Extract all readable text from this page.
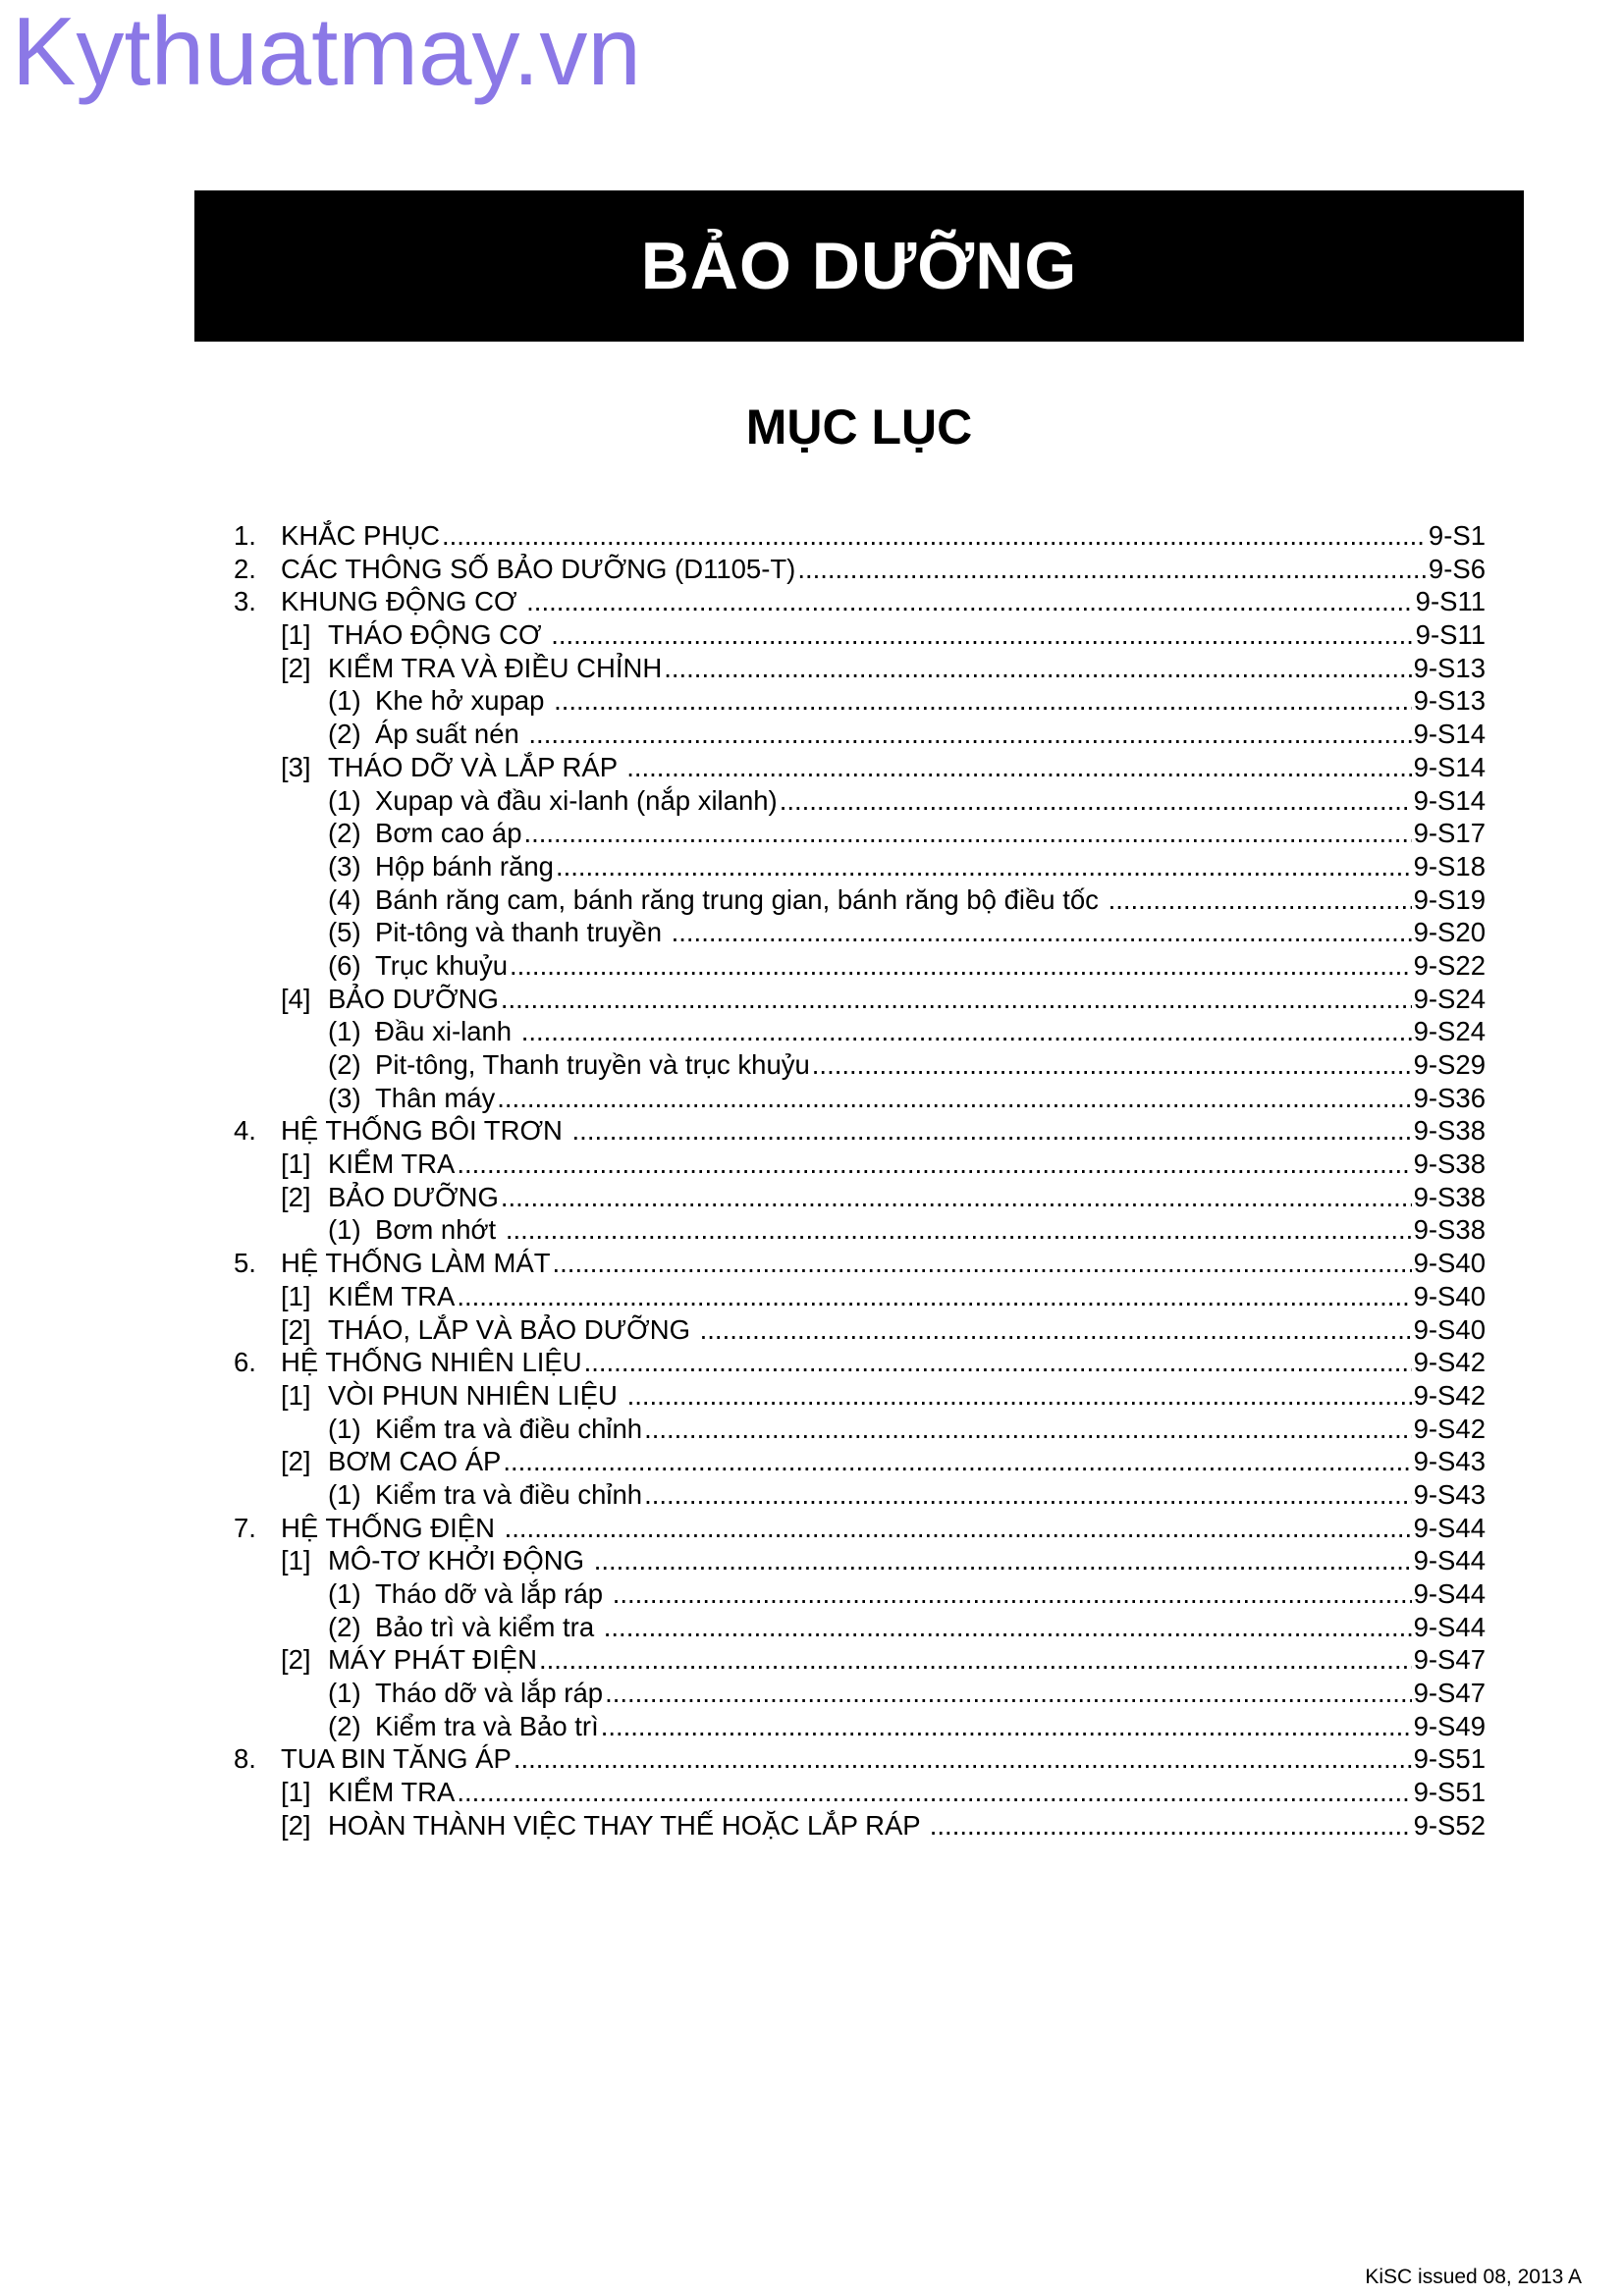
Kythuatmay.vn
BẢO DƯỠNG
MỤC LỤC
1. KHẮC PHỤC .....	9-S1
2. CÁC THÔNG SỐ BẢO DƯỠNG (D1105-T) .....	9-S6
3. KHUNG ĐỘNG CƠ .....	9-S11
[1] THÁO ĐỘNG CƠ .....	9-S11
[2] KIỂM TRA VÀ ĐIỀU CHỈNH .....	9-S13
(1) Khe hở xupap .....	9-S13
(2) Áp suất nén .....	9-S14
[3] THÁO DỠ VÀ LẮP RÁP .....	9-S14
(1) Xupap và đầu xi-lanh (nắp xilanh) .....	9-S14
(2) Bơm cao áp .....	9-S17
(3) Hộp bánh răng .....	9-S18
(4) Bánh răng cam, bánh răng trung gian, bánh răng bộ điều tốc .....	9-S19
(5) Pit-tông và thanh truyền .....	9-S20
(6) Trục khuỷu .....	9-S22
[4] BẢO DƯỠNG .....	9-S24
(1) Đầu xi-lanh .....	9-S24
(2) Pit-tông, Thanh truyền và trục khuỷu .....	9-S29
(3) Thân máy .....	9-S36
4. HỆ THỐNG BÔI TRƠN .....	9-S38
[1] KIỂM TRA .....	9-S38
[2] BẢO DƯỠNG .....	9-S38
(1) Bơm nhớt .....	9-S38
5. HỆ THỐNG LÀM MÁT .....	9-S40
[1] KIỂM TRA .....	9-S40
[2] THÁO, LẮP VÀ BẢO DƯỠNG .....	9-S40
6. HỆ THỐNG NHIÊN LIỆU .....	9-S42
[1] VÒI PHUN NHIÊN LIỆU .....	9-S42
(1) Kiểm tra và điều chỉnh .....	9-S42
[2] BƠM CAO ÁP .....	9-S43
(1) Kiểm tra và điều chỉnh .....	9-S43
7. HỆ THỐNG ĐIỆN .....	9-S44
[1] MÔ-TƠ KHỞI ĐỘNG .....	9-S44
(1) Tháo dỡ và lắp ráp .....	9-S44
(2) Bảo trì và kiểm tra .....	9-S44
[2] MÁY PHÁT ĐIỆN .....	9-S47
(1) Tháo dỡ và lắp ráp .....	9-S47
(2) Kiểm tra và Bảo trì .....	9-S49
8. TUA BIN TĂNG ÁP .....	9-S51
[1] KIỂM TRA .....	9-S51
[2] HOÀN THÀNH VIỆC THAY THẾ HOẶC LẮP RÁP .....	9-S52
KiSC issued 08, 2013 A
